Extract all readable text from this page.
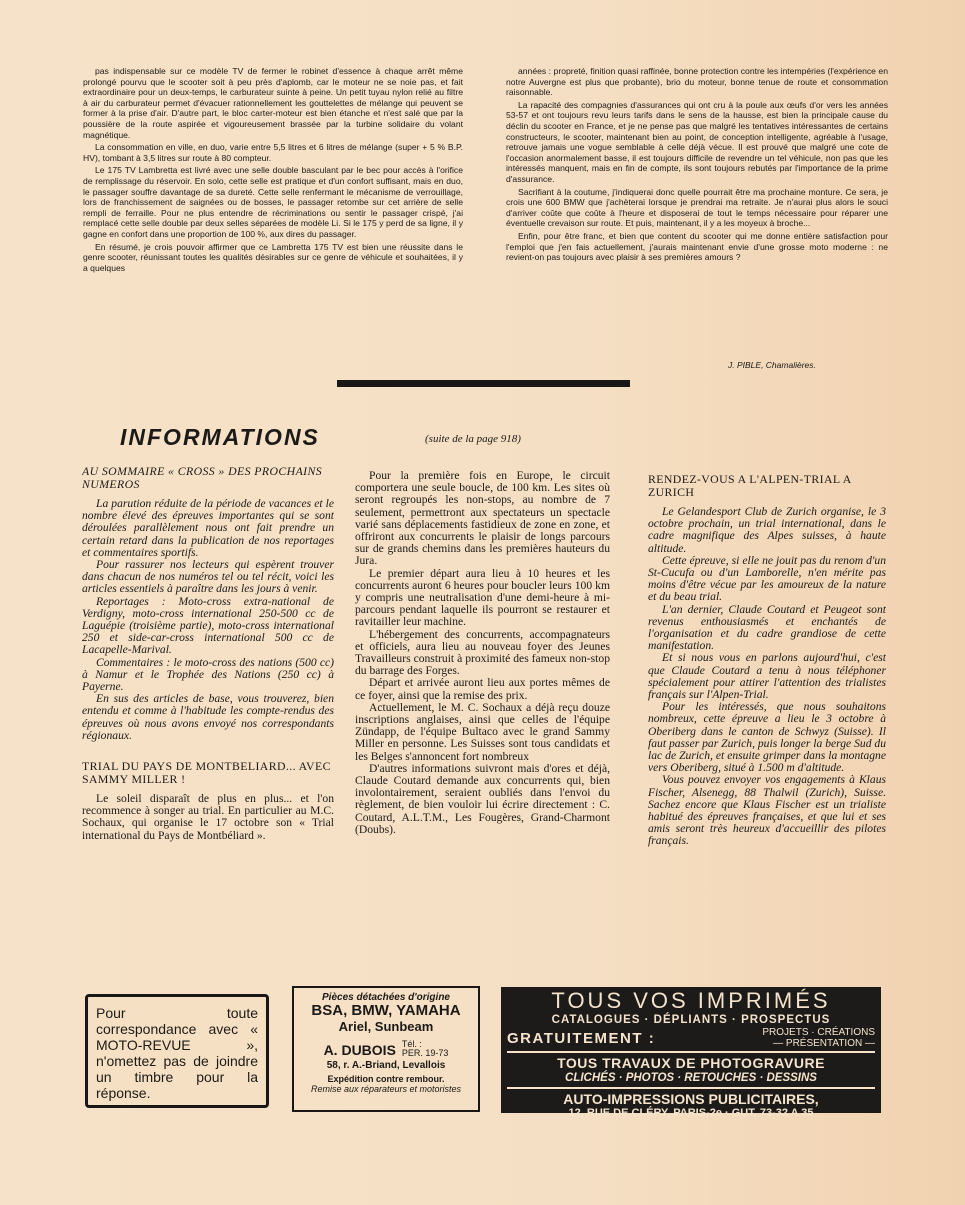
pas indispensable sur ce modèle TV de fermer le robinet d'essence à chaque arrêt même prolongé pourvu que le scooter soit à peu près d'aplomb, car le moteur ne se noie pas, et fait extraordinaire pour un deux-temps, le carburateur suinte à peine. Un petit tuyau nylon relié au filtre à air du carburateur permet d'évacuer rationnellement les gouttelettes de mélange qui peuvent se former à la prise d'air. D'autre part, le bloc carter-moteur est bien étanche et n'est salé que par la poussière de la route aspirée et vigoureusement brassée par la turbine solidaire du volant magnétique.

La consommation en ville, en duo, varie entre 5,5 litres et 6 litres de mélange (super + 5 % B.P. HV), tombant à 3,5 litres sur route à 80 compteur.

Le 175 TV Lambretta est livré avec une selle double basculant par le bec pour accès à l'orifice de remplissage du réservoir. En solo, cette selle est pratique et d'un confort suffisant, mais en duo, le passager souffre davantage de sa dureté. Cette selle renfermant le mécanisme de verrouillage, lors de franchissement de saignées ou de bosses, le passager retombe sur cet arrière de selle rempli de ferraille. Pour ne plus entendre de récriminations ou sentir le passager crispé, j'ai remplacé cette selle double par deux selles séparées de modèle Li. Si le 175 y perd de sa ligne, il y gagne en confort dans une proportion de 100 %, aux dires du passager.

En résumé, je crois pouvoir affirmer que ce Lambretta 175 TV est bien une réussite dans le genre scooter, réunissant toutes les qualités désirables sur ce genre de véhicule et souhaitées, il y a quelques

années : propreté, finition quasi raffinée, bonne protection contre les intempéries (l'expérience en notre Auvergne est plus que probante), brio du moteur, bonne tenue de route et consommation raisonnable.

La rapacité des compagnies d'assurances qui ont cru à la poule aux œufs d'or vers les années 53-57 et ont toujours revu leurs tarifs dans le sens de la hausse, est bien la principale cause du déclin du scooter en France, et je ne pense pas que malgré les tentatives intéressantes de certains constructeurs, le scooter, maintenant bien au point, de conception intelligente, agréable à l'usage, retrouve jamais une vogue semblable à celle déjà vécue. Il est prouvé que malgré une cote de l'occasion anormalement basse, il est toujours difficile de revendre un tel véhicule, non pas que les intéressés manquent, mais en fin de compte, ils sont toujours rebutés par l'importance de la prime d'assurance.

Sacrifiant à la coutume, j'indiquerai donc quelle pourrait être ma prochaine monture. Ce sera, je crois une 600 BMW que j'achèterai lorsque je prendrai ma retraite. Je n'aurai plus alors le souci d'arriver coûte que coûte à l'heure et disposerai de tout le temps nécessaire pour réparer une éventuelle crevaison sur route. Et puis, maintenant, il y a les moyeux à broche...

Enfin, pour être franc, et bien que content du scooter qui me donne entière satisfaction pour l'emploi que j'en fais actuellement, j'aurais maintenant envie d'une grosse moto moderne : ne revient-on pas toujours avec plaisir à ses premières amours ?

J. PIBLE, Chamalières.
INFORMATIONS	(suite de la page 918)
AU SOMMAIRE « CROSS » DES PROCHAINS NUMEROS

La parution réduite de la période de vacances et le nombre élevé des épreuves importantes qui se sont déroulées parallèlement nous ont fait prendre un certain retard dans la publication de nos reportages et commentaires sportifs.

Pour rassurer nos lecteurs qui espèrent trouver dans chacun de nos numéros tel ou tel récit, voici les articles essentiels à paraître dans les jours à venir.

Reportages : Moto-cross extra-national de Verdigny, moto-cross international 250-500 cc de Laguépie (troisième partie), moto-cross international 250 et side-car-cross international 500 cc de Lacapelle-Marival.

Commentaires : le moto-cross des nations (500 cc) à Namur et le Trophée des Nations (250 cc) à Payerne.

En sus des articles de base, vous trouverez, bien entendu et comme à l'habitude les compte-rendus des épreuves où nous avons envoyé nos correspondants régionaux.

TRIAL DU PAYS DE MONTBELIARD... AVEC SAMMY MILLER !

Le soleil disparaît de plus en plus... et l'on recommence à songer au trial. En particulier au M.C. Sochaux, qui organise le 17 octobre son « Trial international du Pays de Montbéliard ».

Pour la première fois en Europe, le circuit comportera une seule boucle, de 100 km. Les sites où seront regroupés les non-stops, au nombre de 7 seulement, permettront aux spectateurs un spectacle varié sans déplacements fastidieux de zone en zone, et offriront aux concurrents le plaisir de longs parcours sur de grands chemins dans les premières hauteurs du Jura.

Le premier départ aura lieu à 10 heures et les concurrents auront 6 heures pour boucler leurs 100 km y compris une neutralisation d'une demi-heure à mi-parcours pendant laquelle ils pourront se restaurer et ravitailler leur machine.

L'hébergement des concurrents, accompagnateurs et officiels, aura lieu au nouveau foyer des Jeunes Travailleurs construit à proximité des fameux non-stop du barrage des Forges.

Départ et arrivée auront lieu aux portes mêmes de ce foyer, ainsi que la remise des prix.

Actuellement, le M. C. Sochaux a déjà reçu douze inscriptions anglaises, ainsi que celles de l'équipe Zündapp, de l'équipe Bultaco avec le grand Sammy Miller en personne. Les Suisses sont tous candidats et les Belges s'annoncent fort nombreux

D'autres informations suivront mais d'ores et déjà, Claude Coutard demande aux concurrents qui, bien involontairement, seraient oubliés dans l'envoi du règlement, de bien vouloir lui écrire directement : C. Coutard, A.L.T.M., Les Fougères, Grand-Charmont (Doubs).

RENDEZ-VOUS A L'ALPEN-TRIAL A ZURICH

Le Gelandesport Club de Zurich organise, le 3 octobre prochain, un trial international, dans le cadre magnifique des Alpes suisses, à haute altitude.

Cette épreuve, si elle ne jouit pas du renom d'un St-Cucufa ou d'un Lamborelle, n'en mérite pas moins d'être vécue par les amoureux de la nature et du beau trial.

L'an dernier, Claude Coutard et Peugeot sont revenus enthousiasmés et enchantés de l'organisation et du cadre grandiose de cette manifestation.

Et si nous vous en parlons aujourd'hui, c'est que Claude Coutard a tenu à nous téléphoner spécialement pour attirer l'attention des trialistes français sur l'Alpen-Trial.

Pour les intéressés, que nous souhaitons nombreux, cette épreuve a lieu le 3 octobre à Oberiberg dans le canton de Schwyz (Suisse). Il faut passer par Zurich, puis longer la berge Sud du lac de Zurich, et ensuite grimper dans la montagne vers Oberiberg, situé à 1.500 m d'altitude.

Vous pouvez envoyer vos engagements à Klaus Fischer, Alsenegg, 88 Thalwil (Zurich), Suisse. Sachez encore que Klaus Fischer est un trialiste habitué des épreuves françaises, et que lui et ses amis seront très heureux d'accueillir des pilotes français.

Pour toute correspondance avec « MOTO-REVUE », n'omettez pas de joindre un timbre pour la réponse.
Pièces détachées d'origine
BSA, BMW, YAMAHA
Ariel, Sunbeam
A. DUBOIS Tél. :
PER. 19-73
58, r. A.-Briand, Levallois
Expédition contre rembour.
Remise aux réparateurs et motoristes
TOUS VOS IMPRIMÉS
CATALOGUES · DÉPLIANTS · PROSPECTUS
GRATUITEMENT :	PROJETS · CRÉATIONS
— PRÉSENTATION —
TOUS TRAVAUX DE PHOTOGRAVURE
CLICHÉS · PHOTOS · RETOUCHES · DESSINS
AUTO-IMPRESSIONS PUBLICITAIRES,
12, RUE DE CLÉRY, PARIS-2e · GUT. 73-32 A 35
